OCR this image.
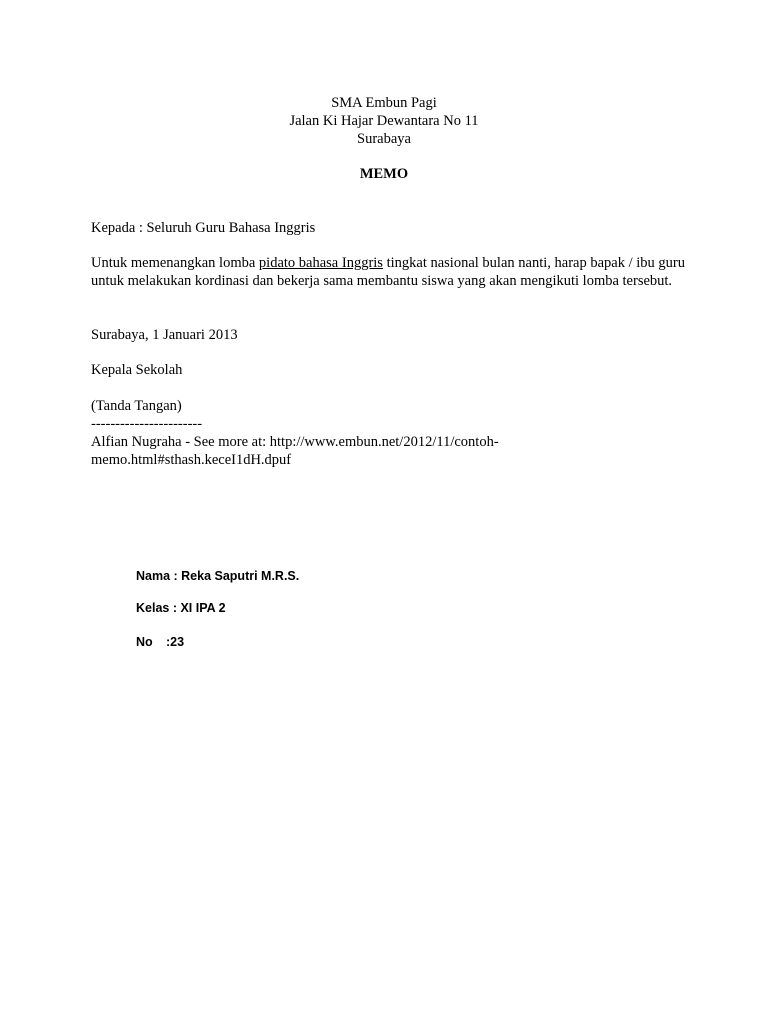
SMA Embun Pagi
Jalan Ki Hajar Dewantara No 11
Surabaya
MEMO
Kepada : Seluruh Guru Bahasa Inggris
Untuk memenangkan lomba pidato bahasa Inggris tingkat nasional bulan nanti, harap bapak / ibu guru untuk melakukan kordinasi dan bekerja sama membantu siswa yang akan mengikuti lomba tersebut.
Surabaya, 1 Januari 2013
Kepala Sekolah
(Tanda Tangan)
-----------------------
Alfian Nugraha - See more at: http://www.embun.net/2012/11/contoh-memo.html#sthash.keceI1dH.dpuf
Nama : Reka Saputri M.R.S.
Kelas : XI IPA 2
No :23
